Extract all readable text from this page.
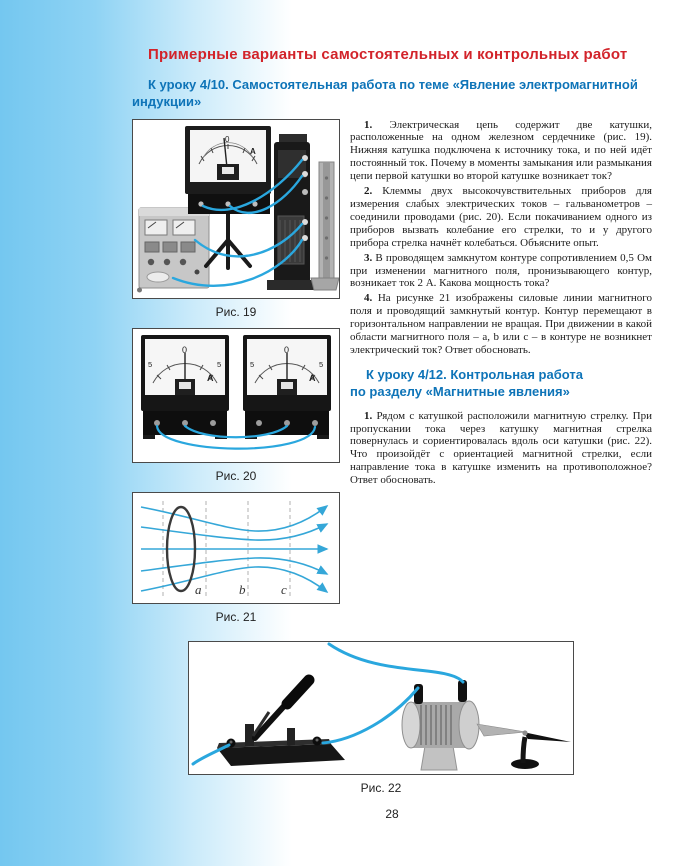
Примерные варианты самостоятельных и контрольных работ
К уроку 4/10. Самостоятельная работа по теме «Явление электромагнитной
индукции»
0
A
Рис. 19
0
5	5
A
0
5	5
A
Рис. 20
a	b	c
Рис. 21

1. Электрическая цепь содержит две катушки, расположенные на одном железном сердечнике (рис. 19). Нижняя катушка подключена к источнику тока, и по ней идёт постоянный ток. Почему в моменты замыкания или размыкания цепи первой катушки во второй катушке возникает ток?

2. Клеммы двух высокочувствительных приборов для измерения слабых электрических токов – гальванометров – соединили проводами (рис. 20). Если покачиванием одного из приборов вызвать колебание его стрелки, то и у другого прибора стрелка начнёт колебаться. Объясните опыт.

3. В проводящем замкнутом контуре сопротивлением 0,5 Ом при изменении магнитного поля, пронизывающего контур, возникает ток 2 А. Какова мощность тока?

4. На рисунке 21 изображены силовые линии магнитного поля и проводящий замкнутый контур. Контур перемещают в горизонтальном направлении не вращая. При движении в какой области магнитного поля – a, b или c – в контуре не возникнет электрический ток? Ответ обосновать.

К уроку 4/12. Контрольная работа
по разделу «Магнитные явления»

1. Рядом с катушкой расположили магнитную стрелку. При пропускании тока через катушку магнитная стрелка повернулась и сориентировалась вдоль оси катушки (рис. 22). Что произойдёт с ориентацией магнитной стрелки, если направление тока в катушке изменить на противоположное? Ответ обосновать.

Рис. 22
28
